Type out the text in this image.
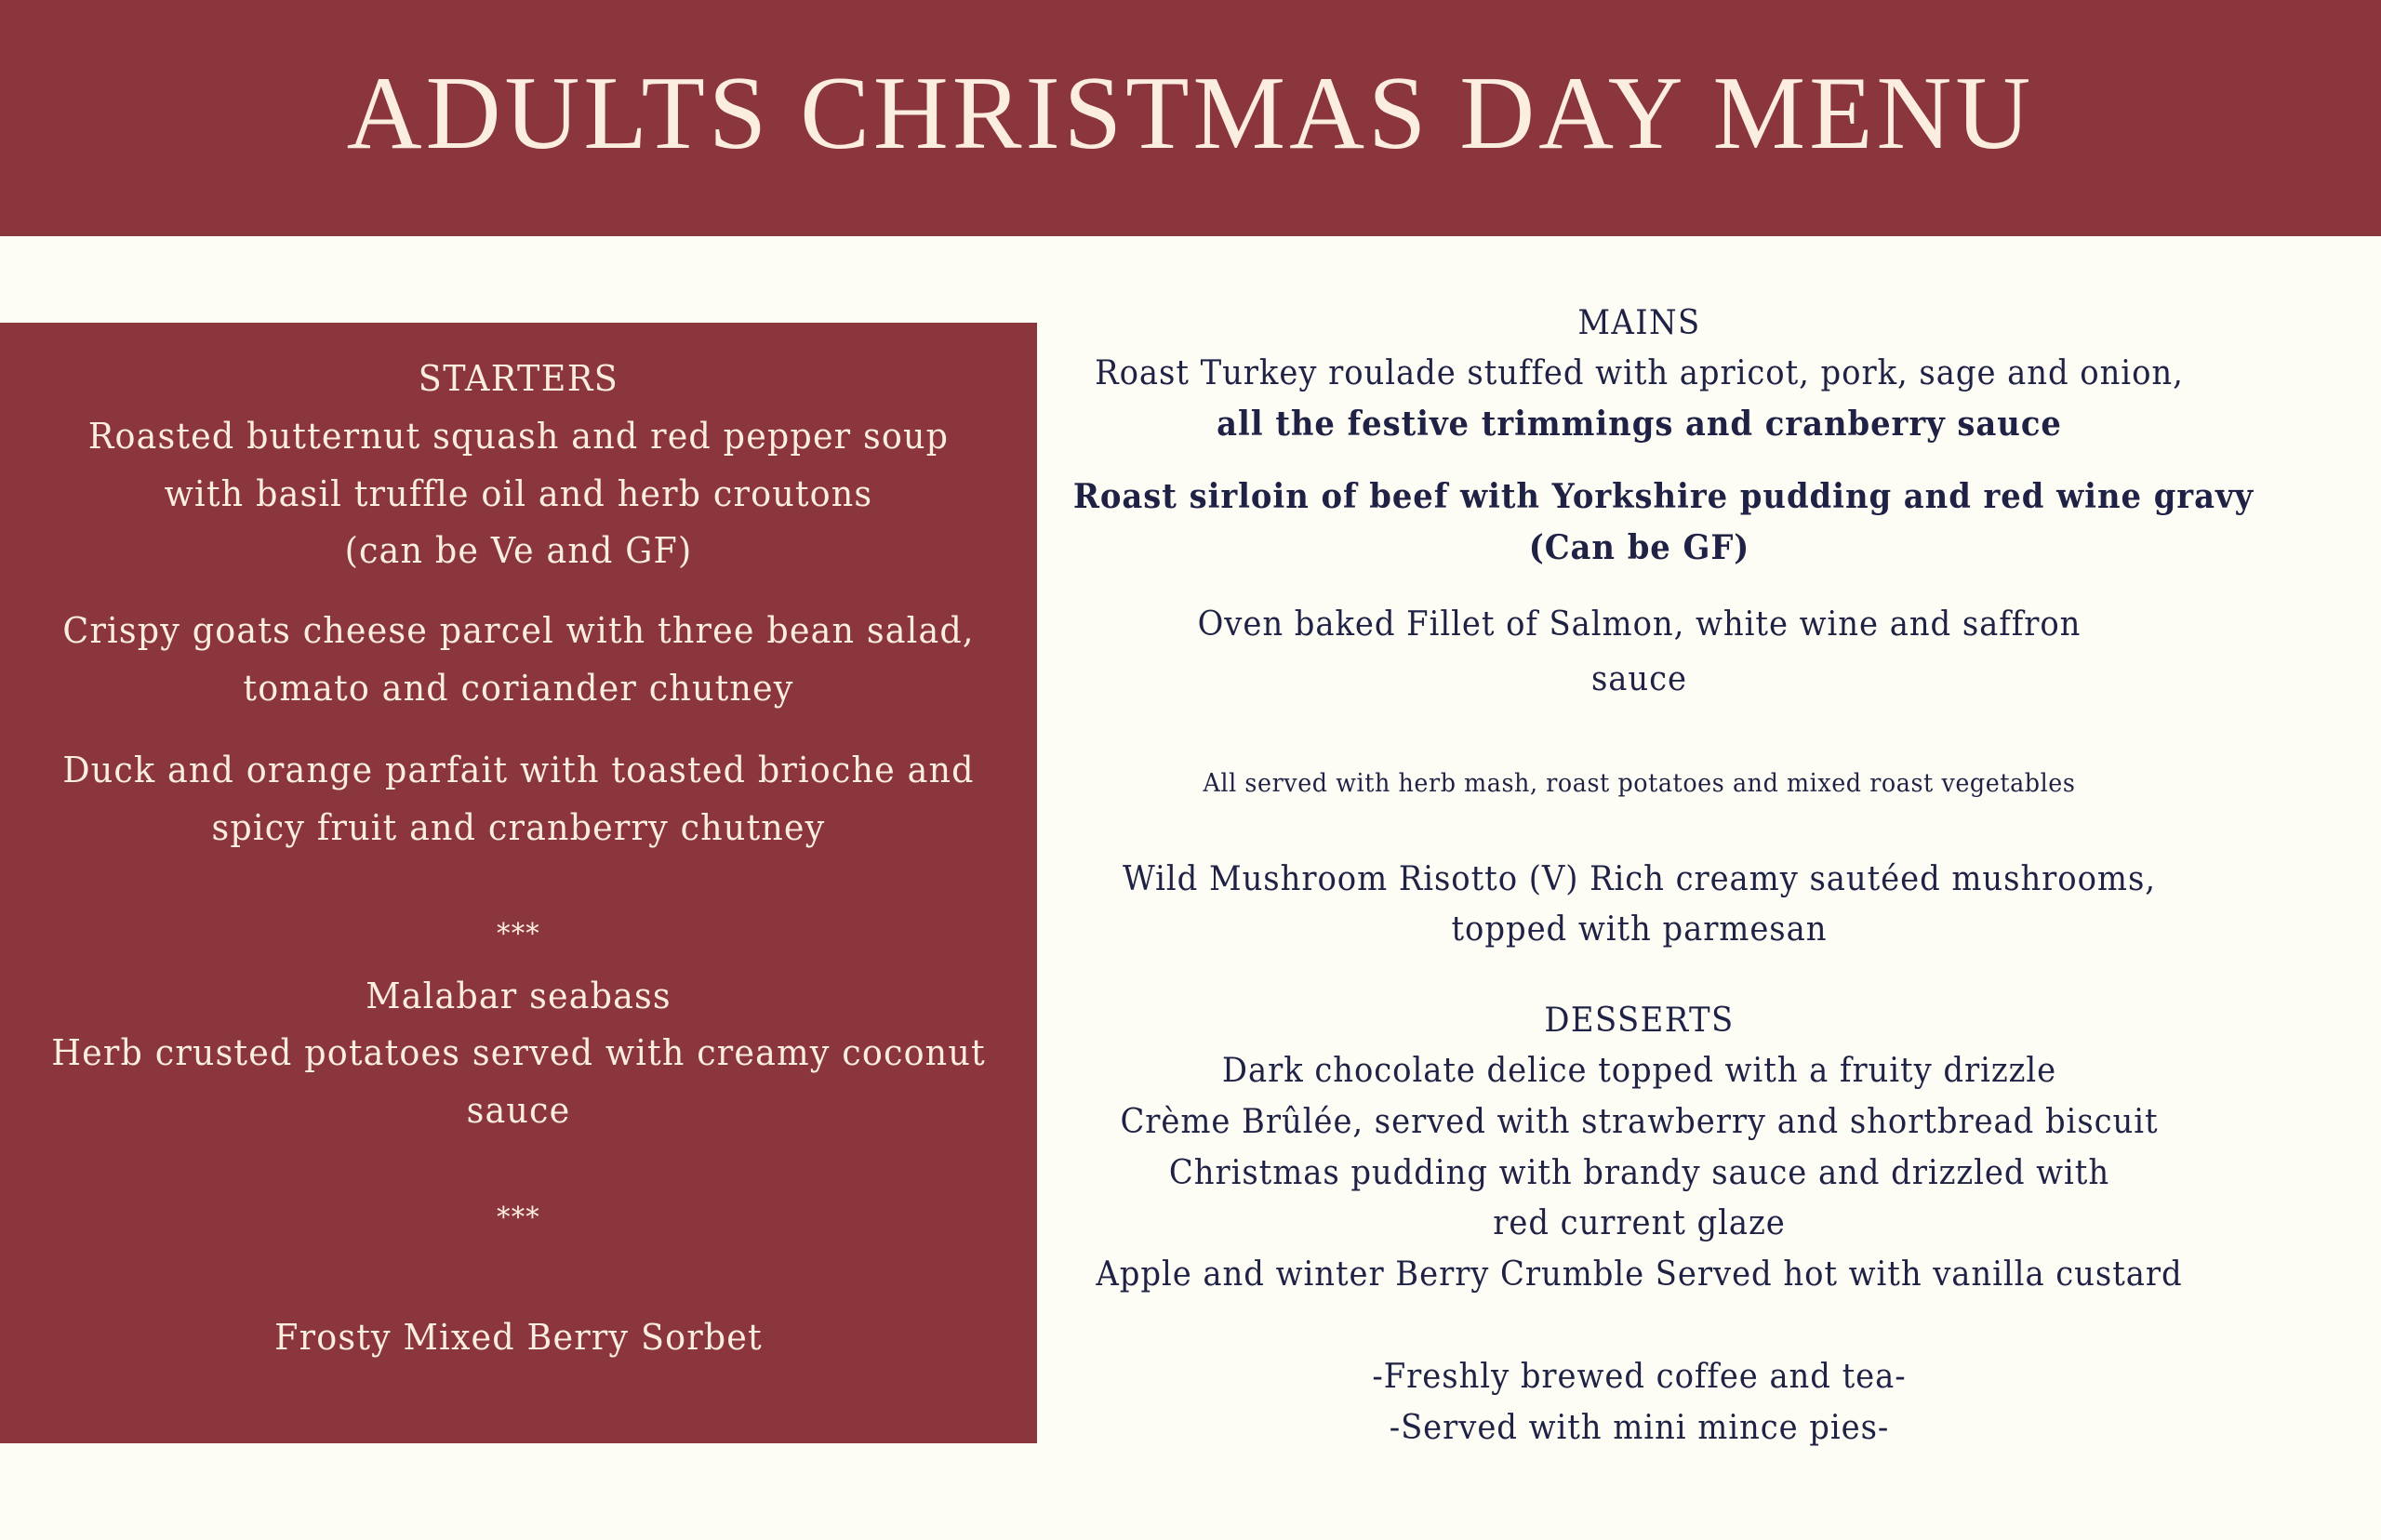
ADULTS CHRISTMAS DAY MENU
STARTERS
Roasted butternut squash and red pepper soup
with basil truffle oil and herb croutons
(can be Ve and GF)
Crispy goats cheese parcel with three bean salad,
tomato and coriander chutney
Duck and orange parfait with toasted brioche and
spicy fruit and cranberry chutney
***
Malabar seabass
Herb crusted potatoes served with creamy coconut
sauce
***
Frosty Mixed Berry Sorbet
MAINS
Roast Turkey roulade stuffed with apricot, pork, sage and onion,
all the festive trimmings and cranberry sauce
Roast sirloin of beef with Yorkshire pudding and red wine gravy
(Can be GF)
Oven baked Fillet of Salmon, white wine and saffron
sauce
All served with herb mash, roast potatoes and mixed roast vegetables
Wild Mushroom Risotto (V) Rich creamy sautéed mushrooms,
topped with parmesan
DESSERTS
Dark chocolate delice topped with a fruity drizzle
Crème Brûlée, served with strawberry and shortbread biscuit
Christmas pudding with brandy sauce and drizzled with
red current glaze
Apple and winter Berry Crumble Served hot with vanilla custard
-Freshly brewed coffee and tea-
-Served with mini mince pies-
